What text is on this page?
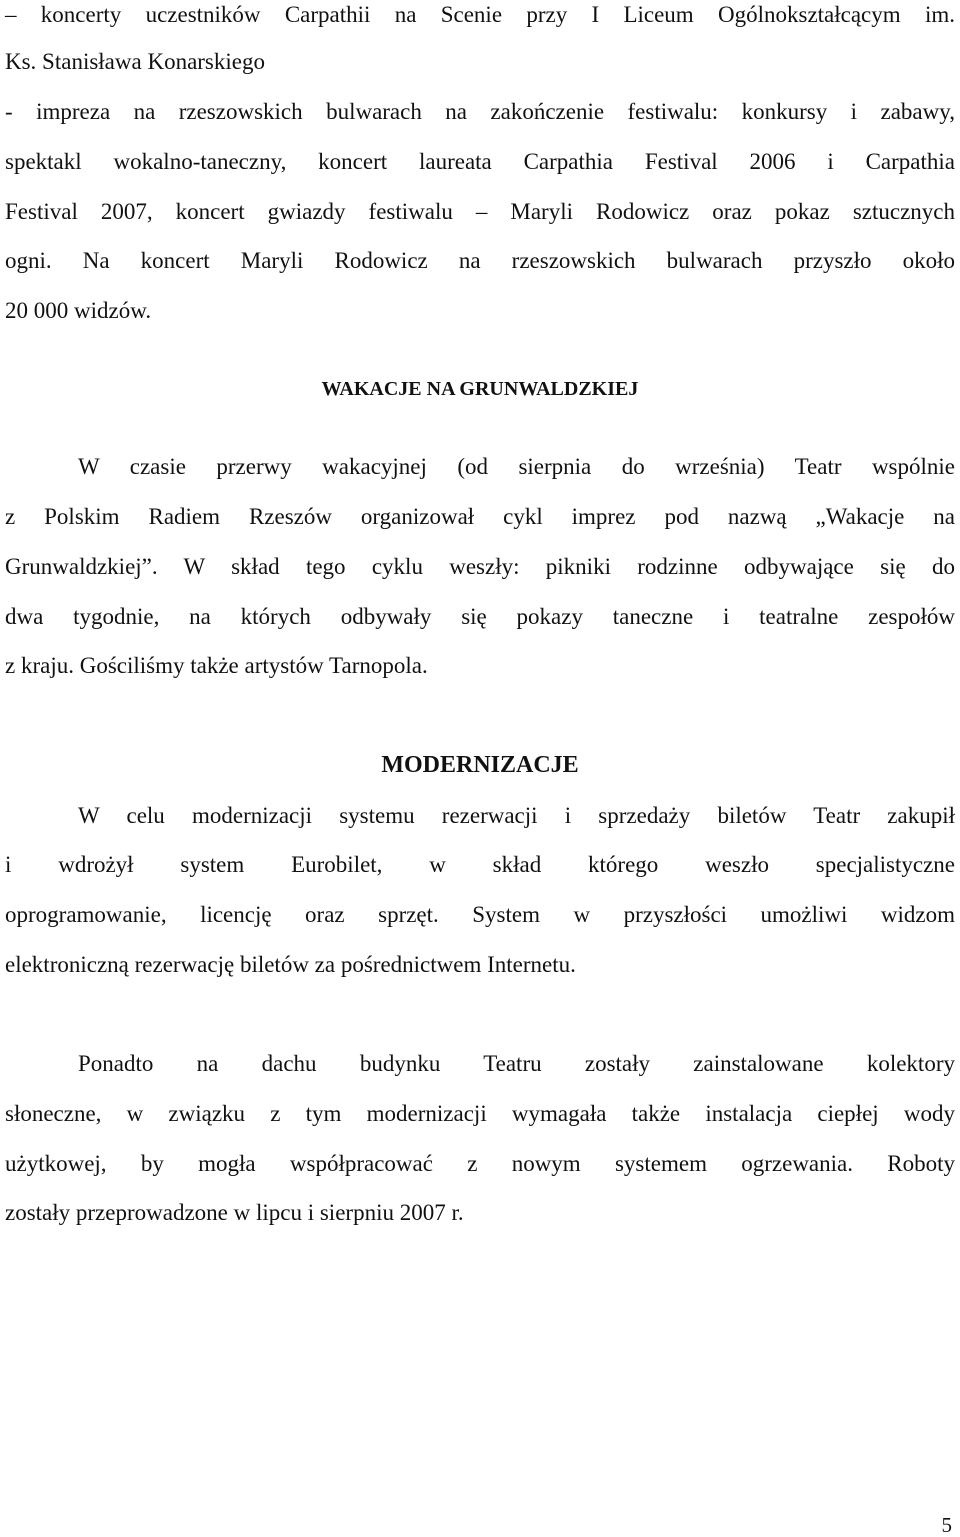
– koncerty uczestników Carpathii na Scenie przy I Liceum Ogólnokształcącym im.
Ks. Stanisława Konarskiego
- impreza na rzeszowskich bulwarach na zakończenie festiwalu: konkursy i zabawy,
spektakl wokalno-taneczny, koncert laureata Carpathia Festival 2006 i Carpathia
Festival 2007, koncert gwiazdy festiwalu – Maryli Rodowicz oraz pokaz sztucznych
ogni. Na koncert Maryli Rodowicz na rzeszowskich bulwarach przyszło około
20 000 widzów.
WAKACJE NA GRUNWALDZKIEJ
W czasie przerwy wakacyjnej (od sierpnia do września) Teatr wspólnie
z Polskim Radiem Rzeszów organizował cykl imprez pod nazwą „Wakacje na
Grunwaldzkiej”. W skład tego cyklu weszły: pikniki rodzinne odbywające się do
dwa tygodnie, na których odbywały się pokazy taneczne i teatralne zespołów
z kraju. Gościliśmy także artystów Tarnopola.
MODERNIZACJE
W celu modernizacji systemu rezerwacji i sprzedaży biletów Teatr zakupił
i wdrożył system Eurobilet, w skład którego weszło specjalistyczne
oprogramowanie, licencję oraz sprzęt. System w przyszłości umożliwi widzom
elektroniczną rezerwację biletów za pośrednictwem Internetu.
Ponadto na dachu budynku Teatru zostały zainstalowane kolektory
słoneczne, w związku z tym modernizacji wymagała także instalacja ciepłej wody
użytkowej, by mogła współpracować z nowym systemem ogrzewania. Roboty
zostały przeprowadzone w lipcu i sierpniu 2007 r.
5
